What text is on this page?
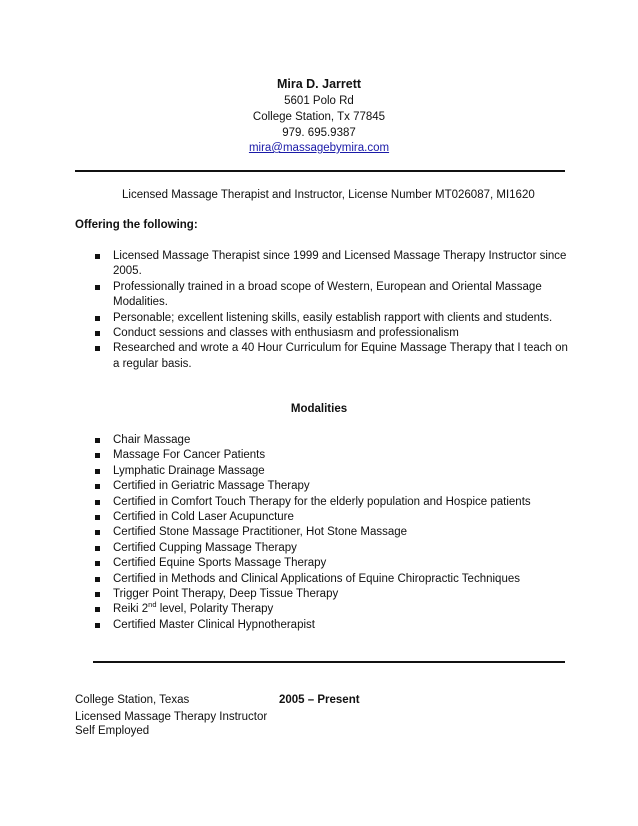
Mira D. Jarrett
5601 Polo Rd
College Station, Tx 77845
979. 695.9387
mira@massagebymira.com
Licensed Massage Therapist and Instructor, License Number MT026087, MI1620
Offering the following:
Licensed Massage Therapist since 1999 and Licensed Massage Therapy Instructor since
2005.
Professionally trained in a broad scope of Western, European and Oriental Massage
Modalities.
Personable; excellent listening skills, easily establish rapport with clients and students.
Conduct sessions and classes with enthusiasm and professionalism
Researched and wrote a 40 Hour Curriculum for Equine Massage Therapy that I teach on
a regular basis.
Modalities
Chair Massage
Massage For Cancer Patients
Lymphatic Drainage Massage
Certified in Geriatric Massage Therapy
Certified in Comfort Touch Therapy for the elderly population and Hospice patients
Certified in Cold Laser Acupuncture
Certified Stone Massage Practitioner, Hot Stone Massage
Certified Cupping Massage Therapy
Certified Equine Sports Massage Therapy
Certified in Methods and Clinical Applications of Equine Chiropractic Techniques
Trigger Point Therapy, Deep Tissue Therapy
Reiki 2nd level, Polarity Therapy
Certified Master Clinical Hypnotherapist
College Station, Texas	2005 – Present
Licensed Massage Therapy Instructor
Self Employed
